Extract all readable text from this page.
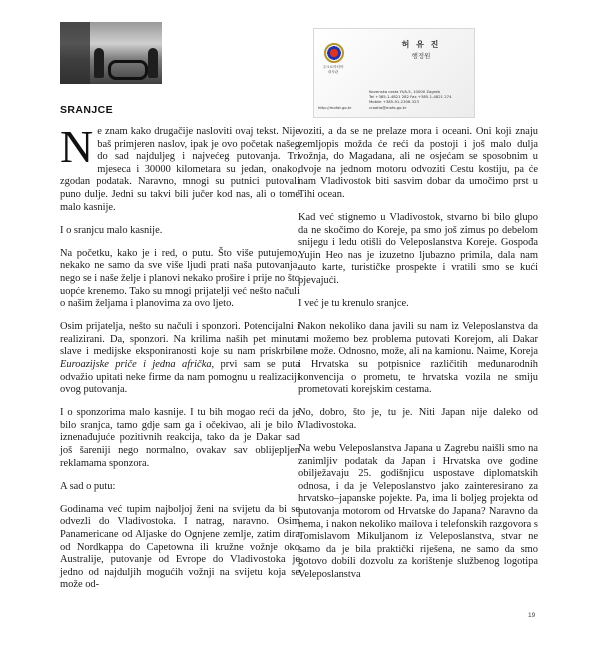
주크로아티아
대사관
허 유 진
행정원
Kovenska cesta YI/A-5, 10000 Zagreb
Tel +385-1-4821 282 Fax +385-1-4821 274
Mobile +385-91-2306-323
croatia@mofa.go.kr
http://mofat.go.kr
SRANJCE

Ne znam kako drugačije nasloviti ovaj tekst. Nije baš primjeren naslov, ipak je ovo početak našeg do sad najduljeg i najvećeg putovanja. Tri mjeseca i 30000 kilometara su jedan, onako, zgodan podatak. Naravno, mnogi su putnici putovali puno dulje. Jedni su takvi bili jučer kod nas, ali o tome malo kasnije.

I o sranjcu malo kasnije.

Na početku, kako je i red, o putu. Što više putujemo, nekako ne samo da sve više ljudi prati naša putovanja, nego se i naše želje i planovi nekako prošire i prije no što uopće krenemo. Tako su mnogi prijatelji već nešto načuli o našim željama i planovima za ovo ljeto.

Osim prijatelja, nešto su načuli i sponzori. Potencijalni i realizirani. Da, sponzori. Na krilima naših pet minuta slave i medijske eksponiranosti koje su nam priskrbile Euroazijske priče i jedna afrička, prvi sam se puta odvažio upitati neke firme da nam pomognu u realizaciji ovog putovanja.

I o sponzorima malo kasnije. I tu bih mogao reći da je bilo sranjca, tamo gdje sam ga i očekivao, ali je bilo i iznenađujuće pozitivnih reakcija, tako da je Dakar sad još šareniji nego normalno, ovakav sav oblijepljen reklamama sponzora.

A sad o putu:

Godinama već tupim najboljoj ženi na svijetu da bi se odvezli do Vladivostoka. I natrag, naravno. Osim Panamericane od Aljaske do Ognjene zemlje, zatim dira od Nordkappa do Capetowna ili kružne vožnje oko Australije, putovanje od Evrope do Vladivostoka je jedno od najduljih mogućih vožnji na svijetu koja se može od-

voziti, a da se ne prelaze mora i oceani. Oni koji znaju zemljopis možda će reći da postoji i još malo dulja vožnja, do Magadana, ali ne osjećam se sposobnim u dvoje na jednom motoru odvoziti Cestu kostiju, pa će nam Vladivostok biti sasvim dobar da umočimo prst u Tihi ocean.

Kad već stignemo u Vladivostok, stvarno bi bilo glupo da ne skočimo do Koreje, pa smo još zimus po debelom snijegu i ledu otišli do Veleposlanstva Koreje. Gospođa Yujin Heo nas je izuzetno ljubazno primila, dala nam auto karte, turističke prospekte i vratili smo se kući pjevajući.

I već je tu krenulo sranjce.

Nakon nekoliko dana javili su nam iz Veleposlanstva da mi možemo bez problema putovati Korejom, ali Dakar ne može. Odnosno, može, ali na kamionu. Naime, Koreja i Hrvatska su potpisnice različitih međunarodnih konvencija o prometu, te hrvatska vozila ne smiju prometovati korejskim cestama.

No, dobro, što je, tu je. Niti Japan nije daleko od Vladivostoka.

Na webu Veleposlanstva Japana u Zagrebu naišli smo na zanimljiv podatak da Japan i Hrvatska ove godine obilježavaju 25. godišnjicu uspostave diplomatskih odnosa, i da je Veleposlanstvo jako zainteresirano za hrvatsko–japanske pojekte. Pa, ima li boljeg projekta od putovanja motorom od Hrvatske do Japana? Naravno da nema, i nakon nekoliko mailova i telefonskih razgovora s Tomislavom Mikuljanom iz Veleposlanstva, stvar ne samo da je bila praktički riješena, ne samo da smo gotovo dobili dozvolu za korištenje službenog logotipa Veleposlanstva

19
